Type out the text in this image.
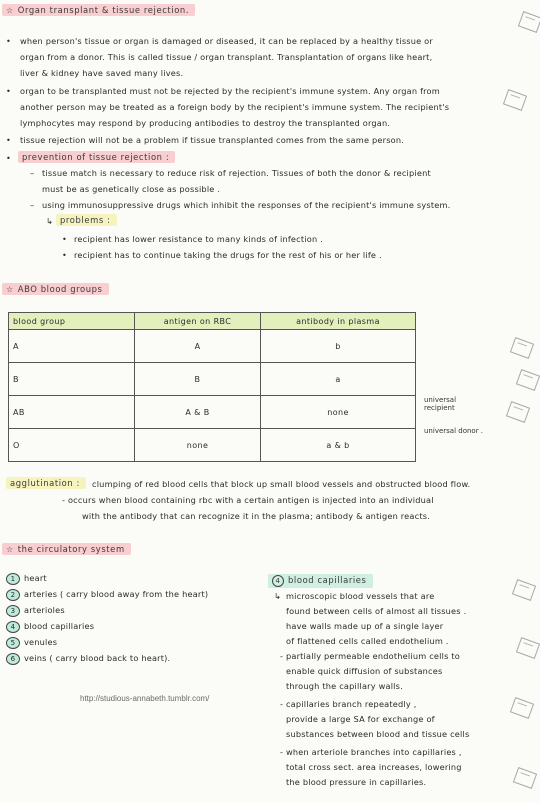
☆ Organ transplant & tissue rejection.
• when person's tissue or organ is damaged or diseased, it can be replaced by a healthy tissue or
organ from a donor. This is called tissue / organ transplant. Transplantation of organs like heart,
liver & kidney have saved many lives.
• organ to be transplanted must not be rejected by the recipient's immune system. Any organ from
another person may be treated as a foreign body by the recipient's immune system. The recipient's
lymphocytes may respond by producing antibodies to destroy the transplanted organ.
• tissue rejection will not be a problem if tissue transplanted comes from the same person.
•	prevention of tissue rejection :
– tissue match is necessary to reduce risk of rejection. Tissues of both the donor & recipient
must be as genetically close as possible .
– using immunosuppressive drugs which inhibit the responses of the recipient's immune system.
↳ problems :
• recipient has lower resistance to many kinds of infection .
• recipient has to continue taking the drugs for the rest of his or her life .
☆ ABO blood groups
blood group	antigen on RBC	antibody in plasma
A	A	b
B	B	a
AB	A & B	none
O	none	a & b
universal recipient
universal donor .
agglutination :	clumping of red blood cells that block up small blood vessels and obstructed blood flow.
- occurs when blood containing rbc with a certain antigen is injected into an individual
with the antibody that can recognize it in the plasma; antibody & antigen reacts.
☆ the circulatory system
1 heart
2 arteries ( carry blood away from the heart)
3 arterioles
4 blood capillaries
5 venules
6 veins ( carry blood back to heart).
4 blood capillaries
↳ microscopic blood vessels that are
found between cells of almost all tissues .
have walls made up of a single layer
of flattened cells called endothelium .
- partially permeable endothelium cells to
enable quick diffusion of substances
through the capillary walls.
- capillaries branch repeatedly ,
provide a large SA for exchange of
substances between blood and tissue cells
- when arteriole branches into capillaries ,
total cross sect. area increases, lowering
the blood pressure in capillaries.
http://studious-annabeth.tumblr.com/
